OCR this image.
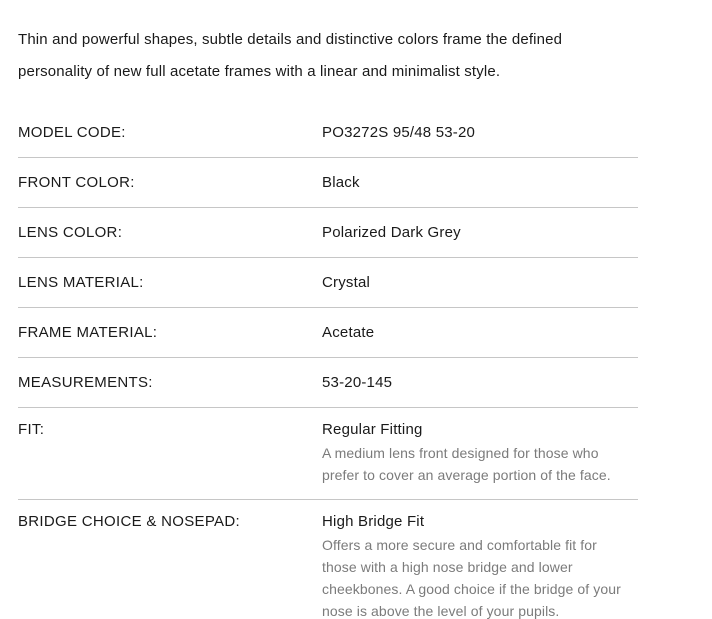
Thin and powerful shapes, subtle details and distinctive colors frame the defined personality of new full acetate frames with a linear and minimalist style.

MODEL CODE:	PO3272S 95/48 53-20
FRONT COLOR:	Black
LENS COLOR:	Polarized Dark Grey
LENS MATERIAL:	Crystal
FRAME MATERIAL:	Acetate
MEASUREMENTS:	53-20-145
FIT:	Regular Fitting
A medium lens front designed for those who prefer to cover an average portion of the face.
BRIDGE CHOICE & NOSEPAD:	High Bridge Fit
Offers a more secure and comfortable fit for those with a high nose bridge and lower cheekbones. A good choice if the bridge of your nose is above the level of your pupils.
